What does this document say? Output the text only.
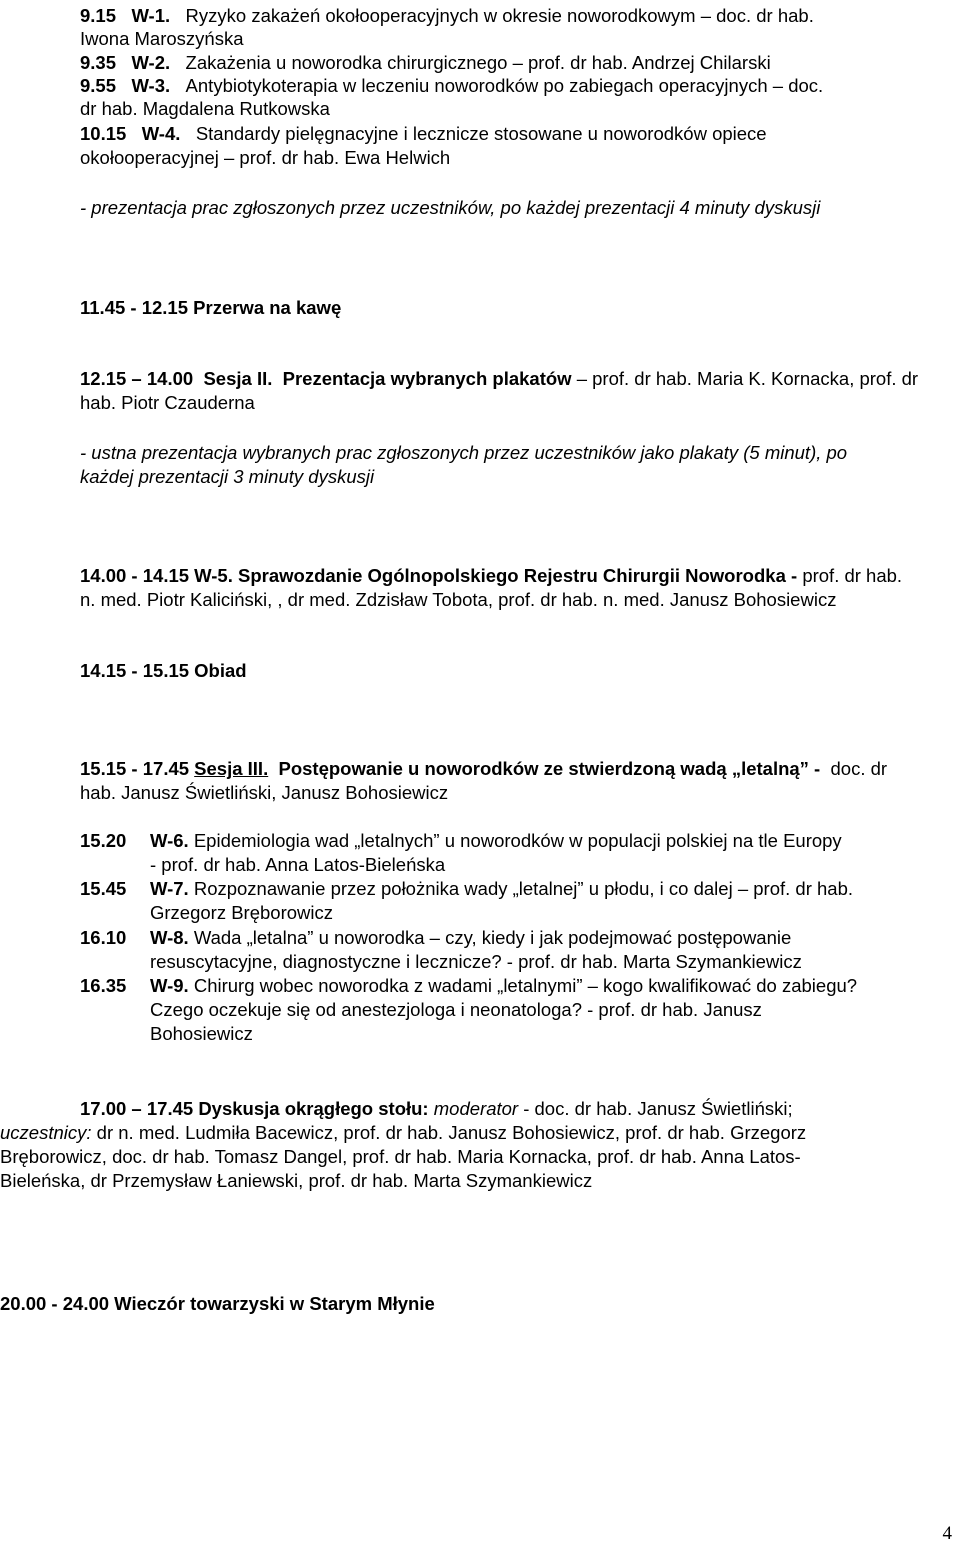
9.15 W-1. Ryzyko zakażeń okołooperacyjnych w okresie noworodkowym – doc. dr hab.
Iwona Maroszyńska
9.35 W-2. Zakażenia u noworodka chirurgicznego – prof. dr hab. Andrzej Chilarski
9.55 W-3. Antybiotykoterapia w leczeniu noworodków po zabiegach operacyjnych – doc.
dr hab. Magdalena Rutkowska
10.15 W-4. Standardy pielęgnacyjne i lecznicze stosowane u noworodków opiece
okołooperacyjnej – prof. dr hab. Ewa Helwich
- prezentacja prac zgłoszonych przez uczestników, po każdej prezentacji 4 minuty dyskusji
11.45 - 12.15 Przerwa na kawę
12.15 – 14.00 Sesja II. Prezentacja wybranych plakatów – prof. dr hab. Maria K. Kornacka, prof. dr
hab. Piotr Czauderna
- ustna prezentacja wybranych prac zgłoszonych przez uczestników jako plakaty (5 minut), po
każdej prezentacji 3 minuty dyskusji
14.00 - 14.15 W-5. Sprawozdanie Ogólnopolskiego Rejestru Chirurgii Noworodka - prof. dr hab.
n. med. Piotr Kaliciński, , dr med. Zdzisław Tobota, prof. dr hab. n. med. Janusz Bohosiewicz
14.15 - 15.15 Obiad
15.15 - 17.45 Sesja III. Postępowanie u noworodków ze stwierdzoną wadą „letalną” - doc. dr
hab. Janusz Świetliński, Janusz Bohosiewicz
15.20 W-6. Epidemiologia wad „letalnych” u noworodków w populacji polskiej na tle Europy
- prof. dr hab. Anna Latos-Bieleńska
15.45 W-7. Rozpoznawanie przez położnika wady „letalnej” u płodu, i co dalej – prof. dr hab.
Grzegorz Bręborowicz
16.10 W-8. Wada „letalna” u noworodka – czy, kiedy i jak podejmować postępowanie
resuscytacyjne, diagnostyczne i lecznicze? - prof. dr hab. Marta Szymankiewicz
16.35 W-9. Chirurg wobec noworodka z wadami „letalnymi” – kogo kwalifikować do zabiegu?
Czego oczekuje się od anestezjologa i neonatologa? - prof. dr hab. Janusz
Bohosiewicz
17.00 – 17.45 Dyskusja okrągłego stołu: moderator - doc. dr hab. Janusz Świetliński;
uczestnicy: dr n. med. Ludmiła Bacewicz, prof. dr hab. Janusz Bohosiewicz, prof. dr hab. Grzegorz
Bręborowicz, doc. dr hab. Tomasz Dangel, prof. dr hab. Maria Kornacka, prof. dr hab. Anna Latos-
Bieleńska, dr Przemysław Łaniewski, prof. dr hab. Marta Szymankiewicz
20.00 - 24.00 Wieczór towarzyski w Starym Młynie
4
